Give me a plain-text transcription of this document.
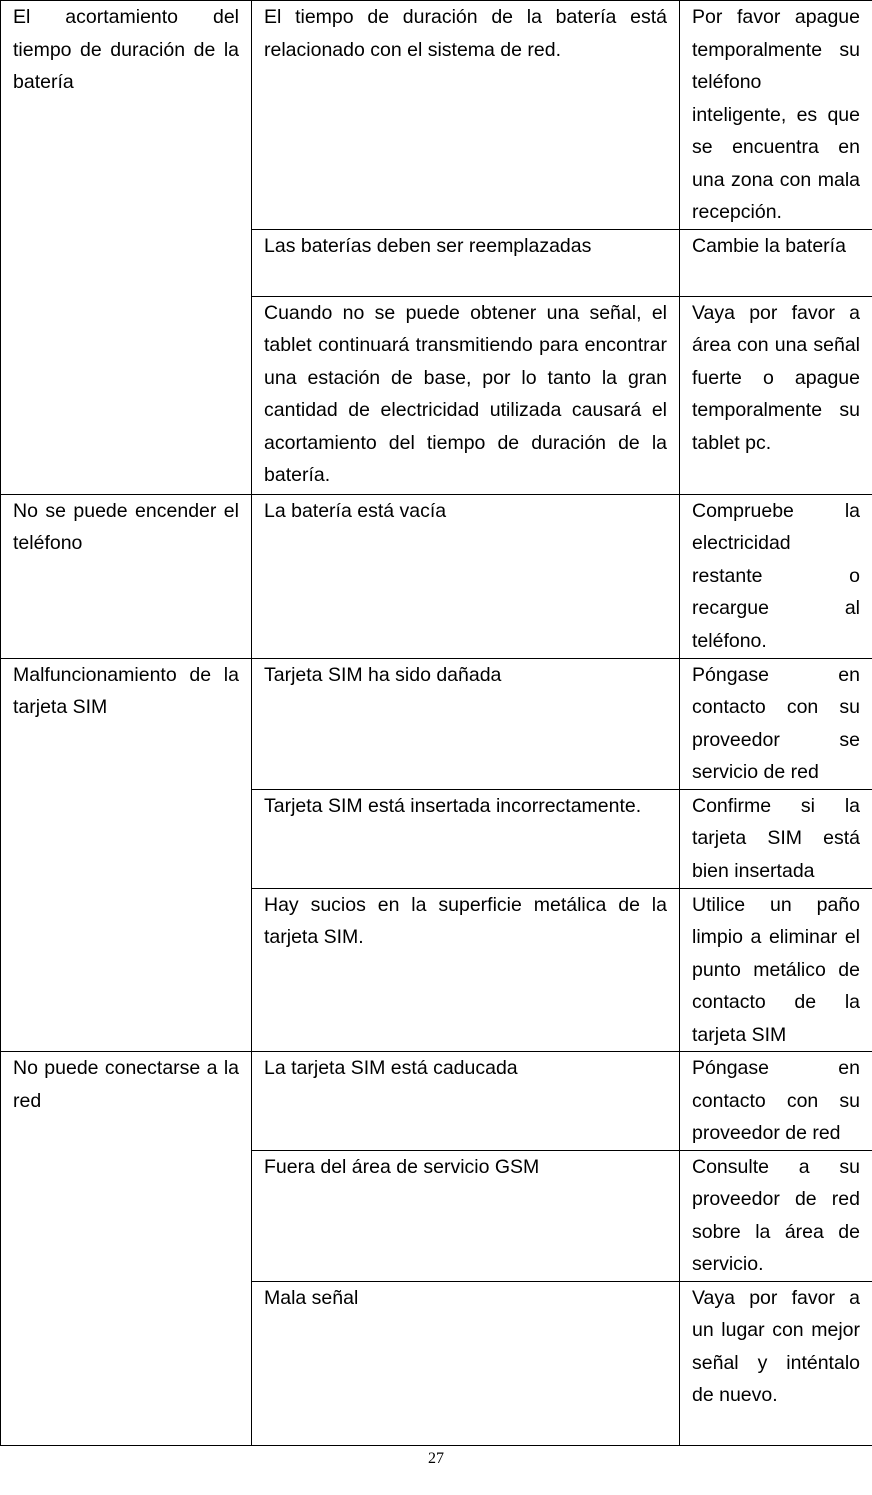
El acortamiento del tiempo de duración de la batería	El tiempo de duración de la batería está relacionado con el sistema de red.	Por favor apague temporalmente su teléfono inteligente, es que se encuentra en una zona con mala recepción.
	Las baterías deben ser reemplazadas	Cambie la batería
	Cuando no se puede obtener una señal, el tablet continuará transmitiendo para encontrar una estación de base, por lo tanto la gran cantidad de electricidad utilizada causará el acortamiento del tiempo de duración de la batería.	Vaya por favor a área con una señal fuerte o apague temporalmente su tablet pc.
No se puede encender el teléfono	La batería está vacía	Compruebe la electricidad restante o recargue al teléfono.
Malfuncionamiento de la tarjeta SIM	Tarjeta SIM ha sido dañada	Póngase en contacto con su proveedor se servicio de red
	Tarjeta SIM está insertada incorrectamente.	Confirme si la tarjeta SIM está bien insertada
	Hay sucios en la superficie metálica de la tarjeta SIM.	Utilice un paño limpio a eliminar el punto metálico de contacto de la tarjeta SIM
No puede conectarse a la red	La tarjeta SIM está caducada	Póngase en contacto con su proveedor de red
	Fuera del área de servicio GSM	Consulte a su proveedor de red sobre la área de servicio.
	Mala señal	Vaya por favor a un lugar con mejor señal y inténtalo de nuevo.
27
